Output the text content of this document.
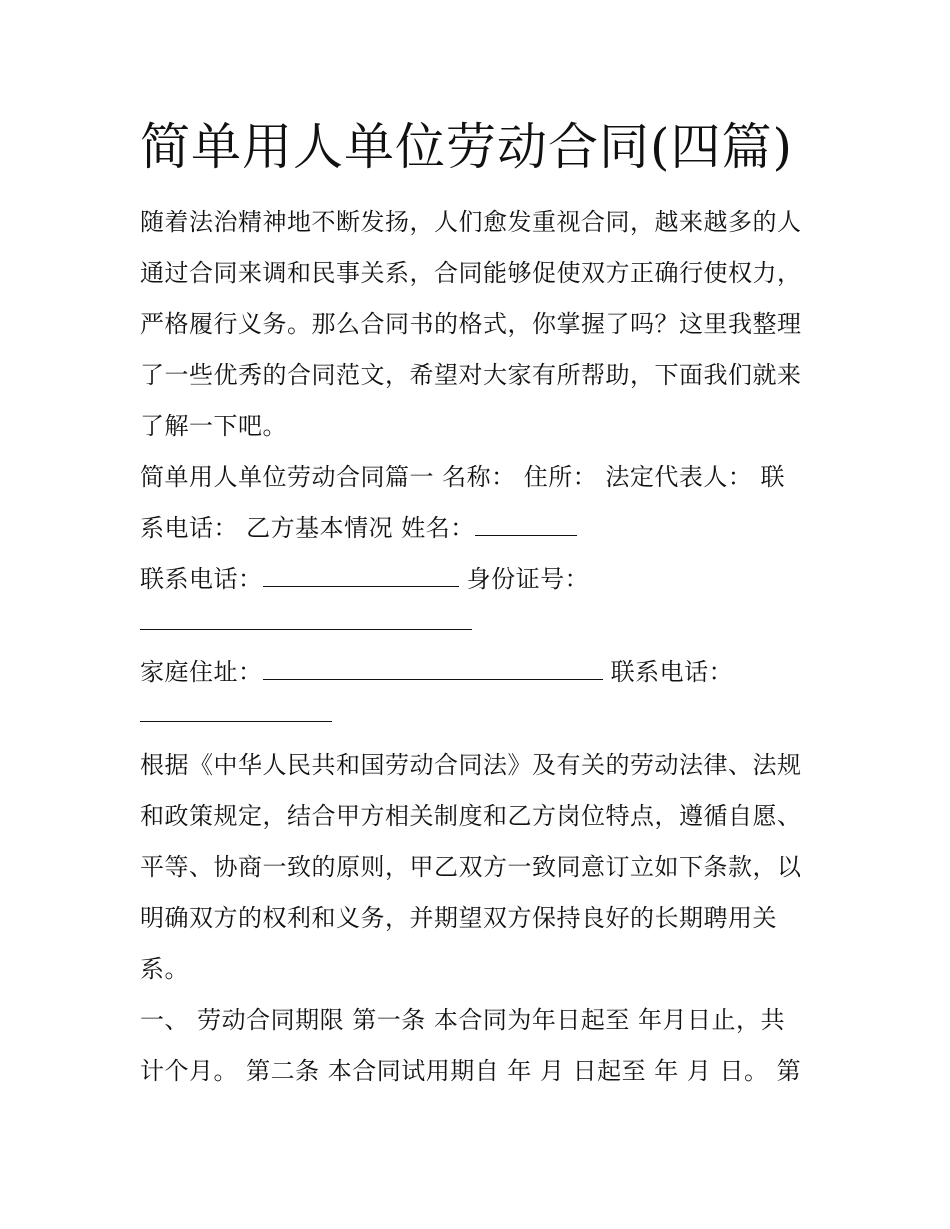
简单用人单位劳动合同(四篇)
随着法治精神地不断发扬，人们愈发重视合同，越来越多的人
通过合同来调和民事关系，合同能够促使双方正确行使权力，
严格履行义务。那么合同书的格式，你掌握了吗？这里我整理
了一些优秀的合同范文，希望对大家有所帮助，下面我们就来
了解一下吧。
简单用人单位劳动合同篇一 名称： 住所： 法定代表人： 联
系电话： 乙方基本情况 姓名：
联系电话：	身份证号：
家庭住址：	联系电话：
根据《中华人民共和国劳动合同法》及有关的劳动法律、法规
和政策规定，结合甲方相关制度和乙方岗位特点，遵循自愿、
平等、协商一致的原则，甲乙双方一致同意订立如下条款，以
明确双方的权利和义务，并期望双方保持良好的长期聘用关
系。
一、 劳动合同期限 第一条 本合同为年日起至 年月日止，共
计个月。 第二条 本合同试用期自 年 月 日起至 年 月 日。 第
